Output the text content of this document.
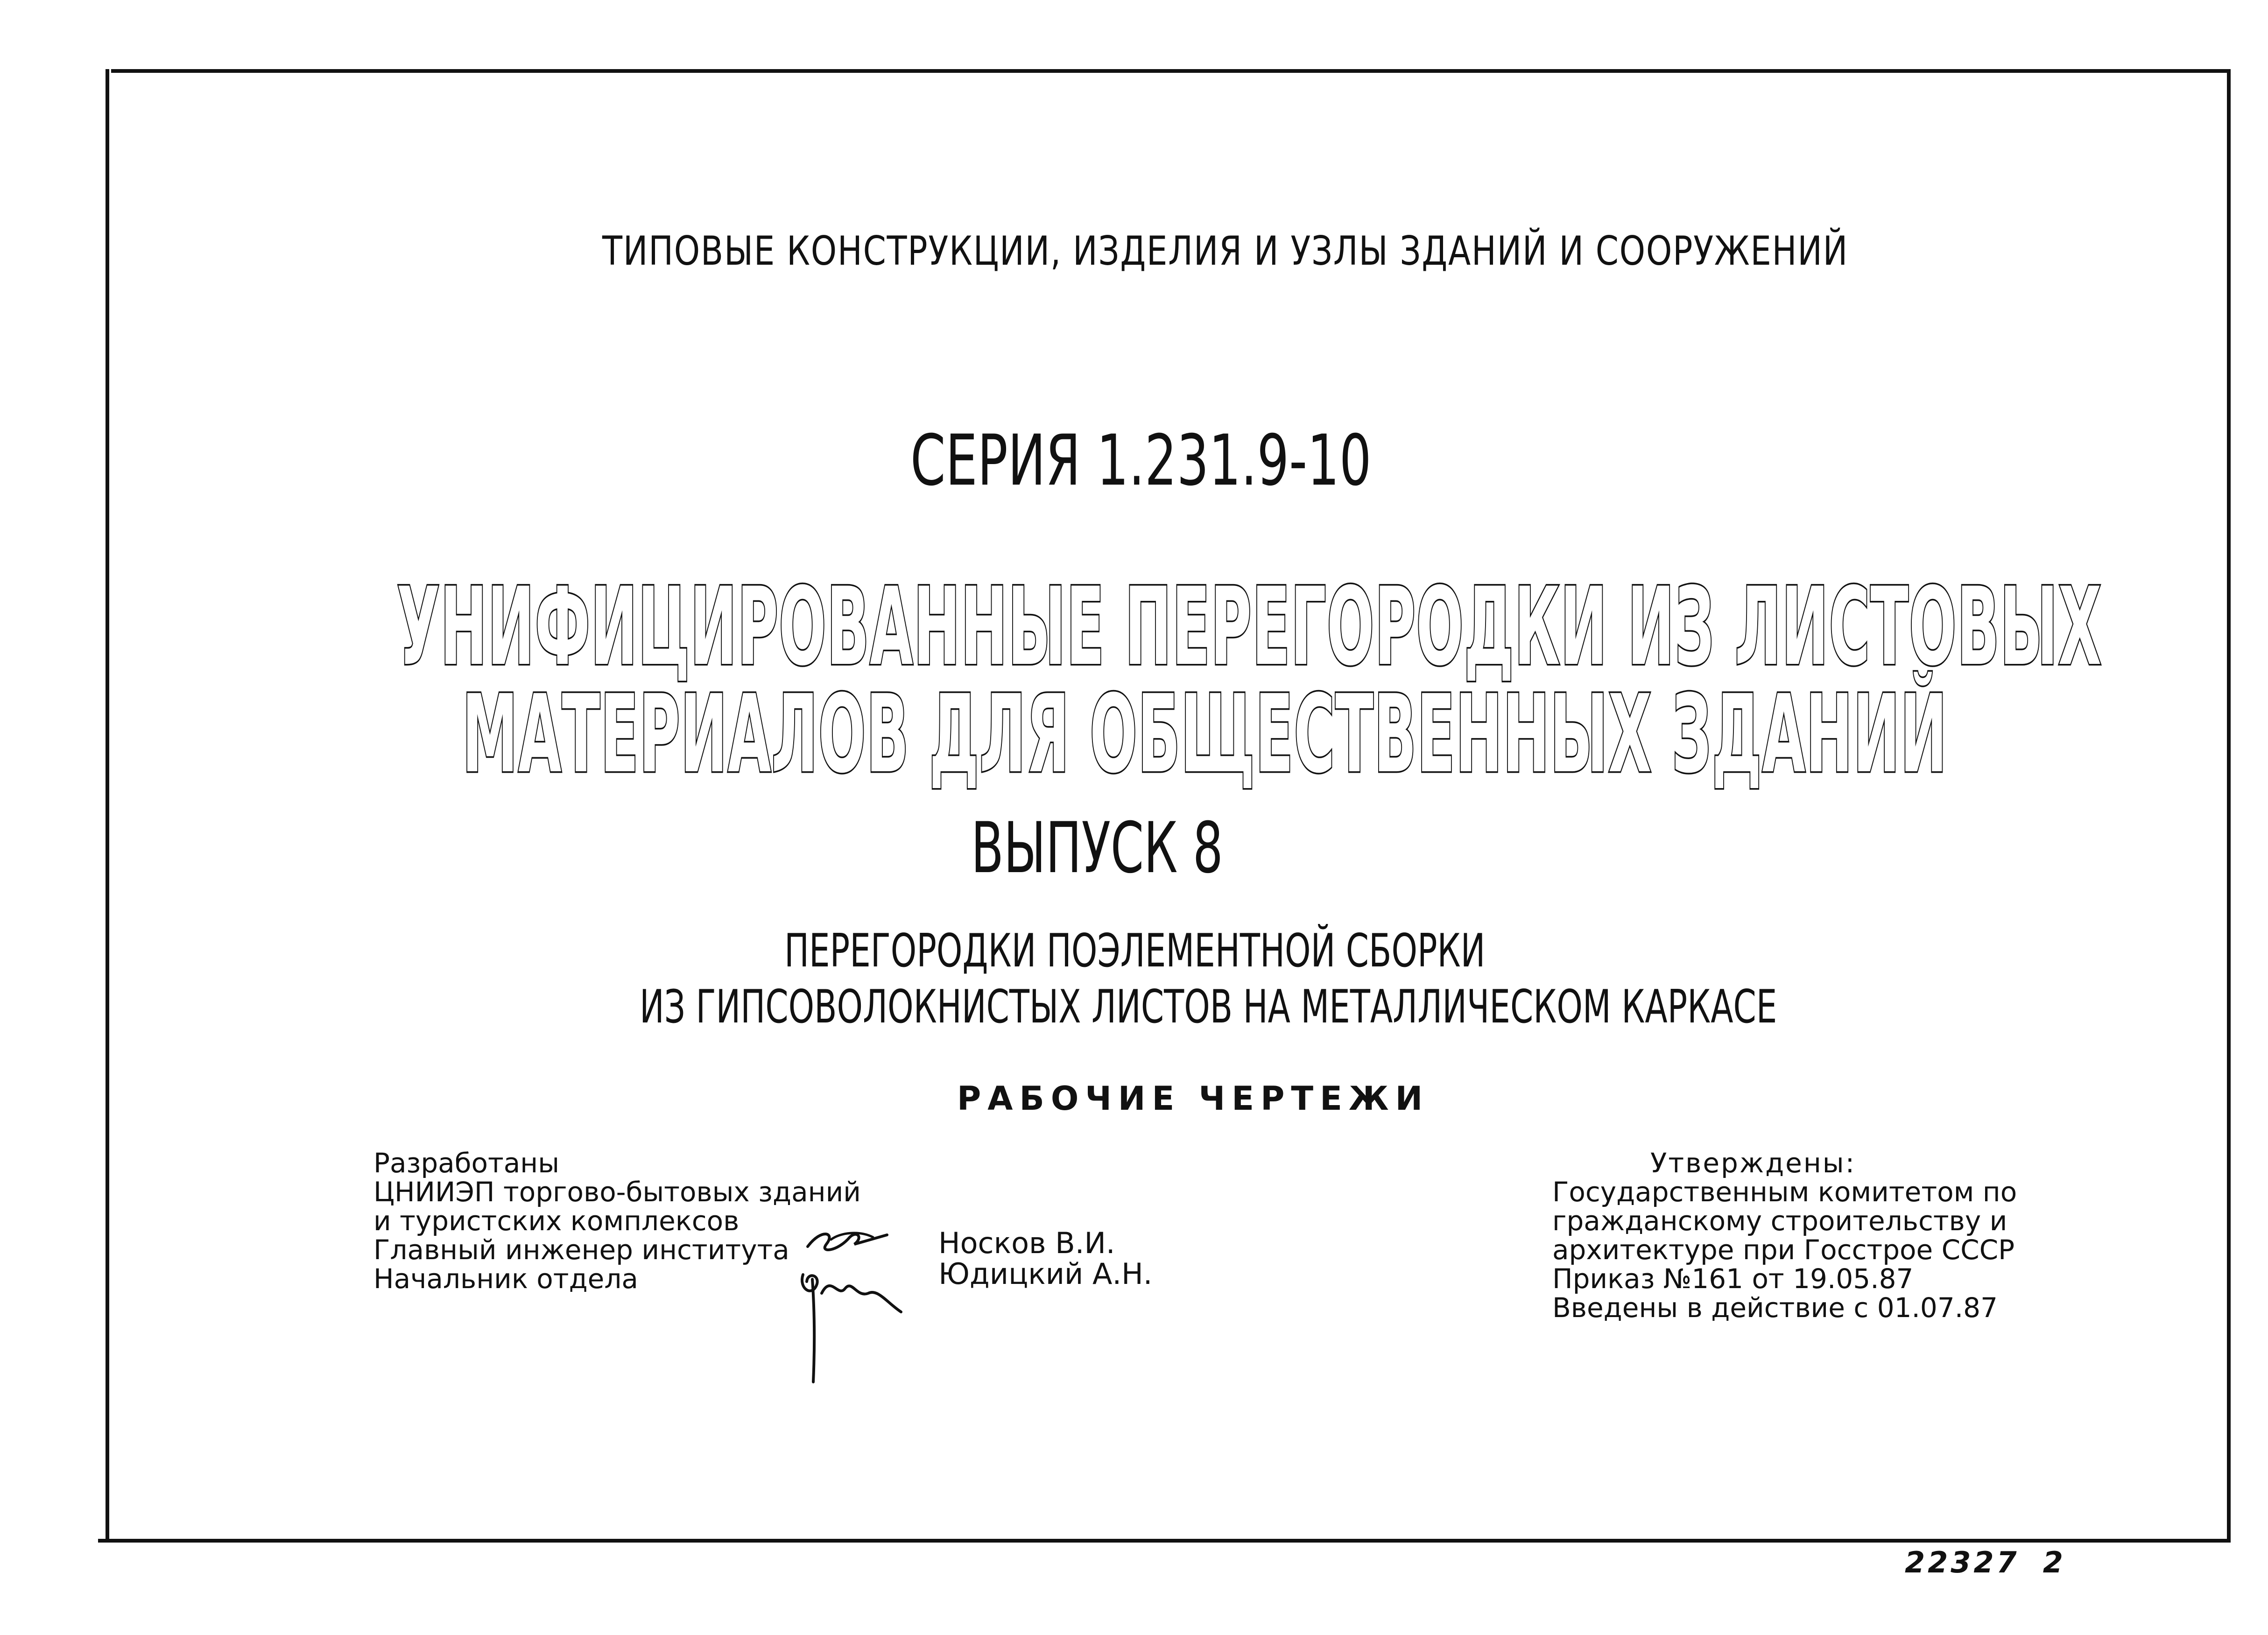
ТИПОВЫЕ КОНСТРУКЦИИ, ИЗДЕЛИЯ И УЗЛЫ ЗДАНИЙ И СООРУЖЕНИЙ
СЕРИЯ 1.231.9-10
УНИФИЦИРОВАННЫЕ ПЕРЕГОРОДКИ ИЗ ЛИСТОВЫХ
МАТЕРИАЛОВ ДЛЯ ОБЩЕСТВЕННЫХ ЗДАНИЙ
ВЫПУСК 8
ПЕРЕГОРОДКИ ПОЭЛЕМЕНТНОЙ СБОРКИ
ИЗ ГИПСОВОЛОКНИСТЫХ ЛИСТОВ НА МЕТАЛЛИЧЕСКОМ КАРКАСЕ
РАБОЧИЕ ЧЕРТЕЖИ
Разработаны
ЦНИИЭП торгово-бытовых зданий
и туристских комплексов
Главный инженер института
Начальник отдела
Носков В.И.
Юдицкий А.Н.
Утверждены:
Государственным комитетом по
гражданскому строительству и
архитектуре при Госстрое СССР
Приказ №161 от 19.05.87
Введены в действие с 01.07.87
22327 2
